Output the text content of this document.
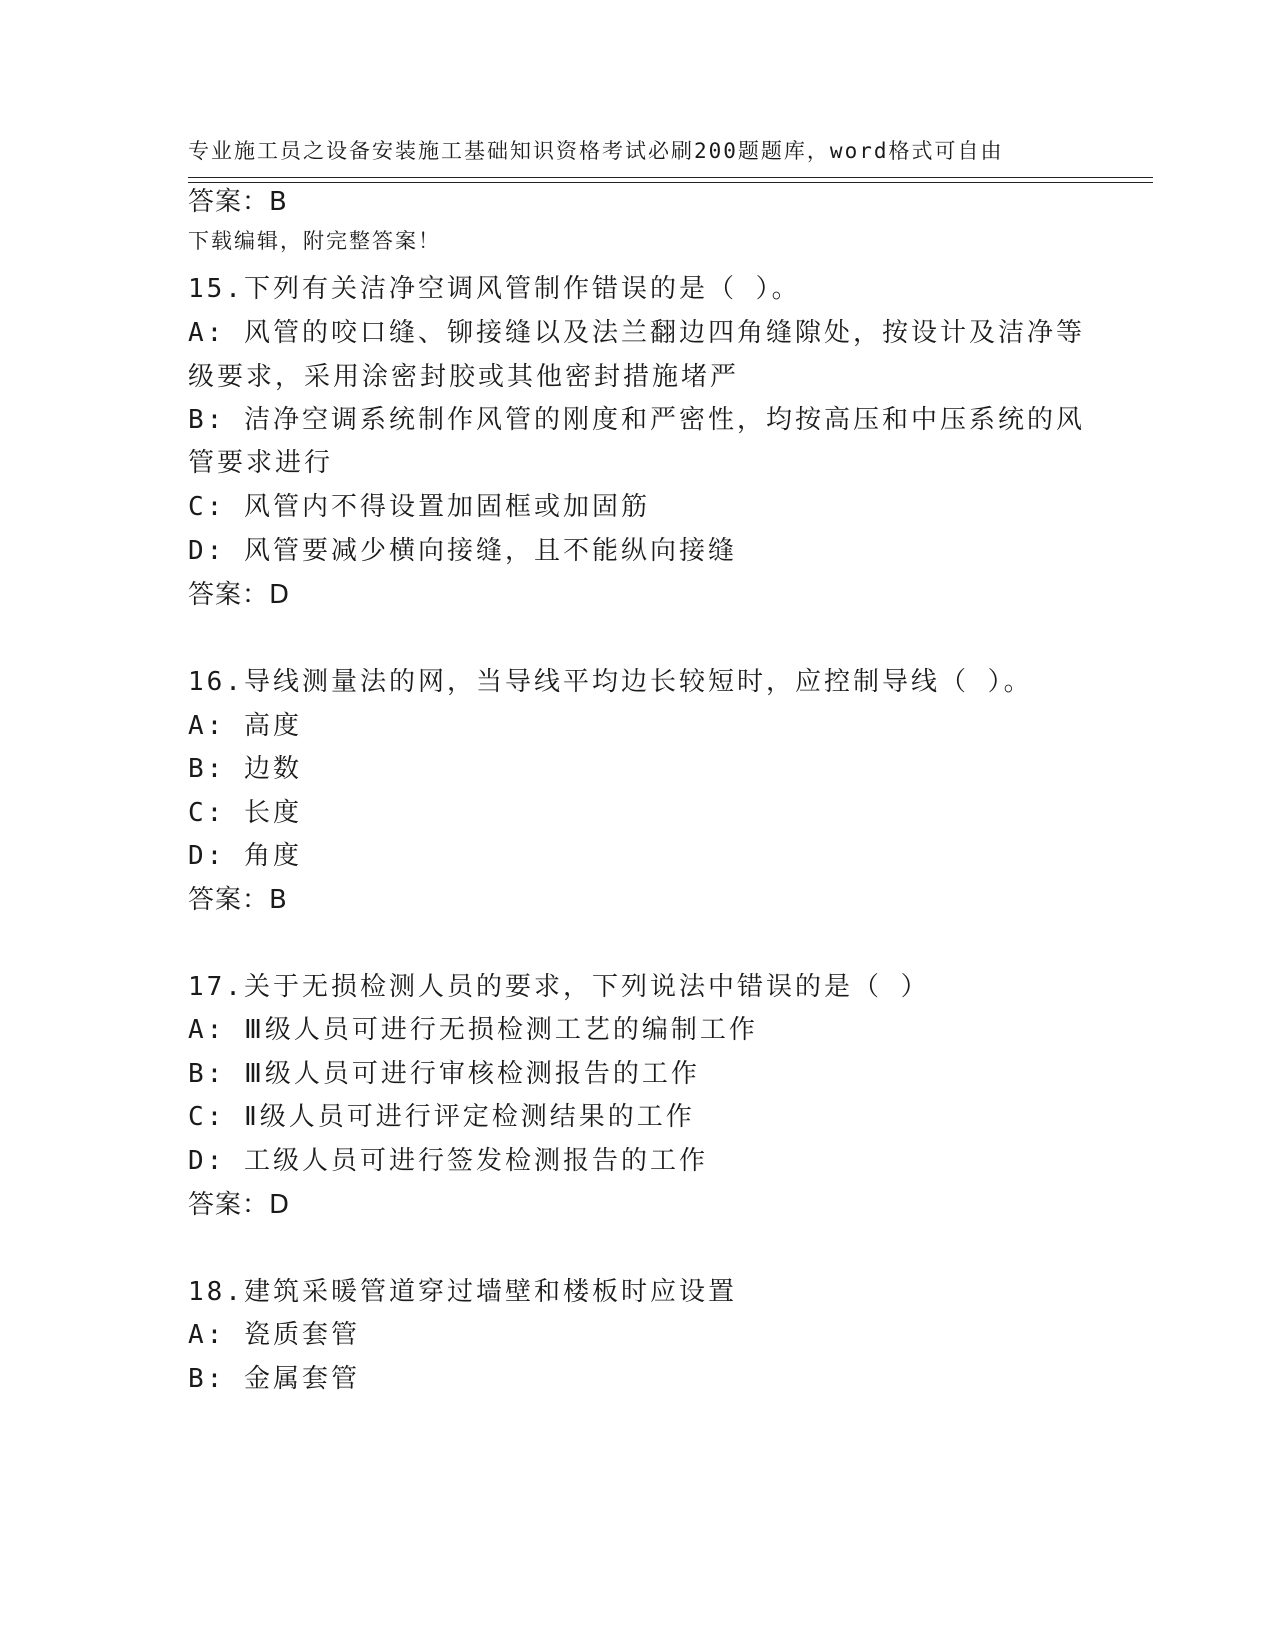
专业施工员之设备安装施工基础知识资格考试必刷200题题库，word格式可自由

下载编辑，附完整答案！

答案：B
15.下列有关洁净空调风管制作错误的是（ ）。
A: 风管的咬口缝、铆接缝以及法兰翻边四角缝隙处，按设计及洁净等
级要求，采用涂密封胶或其他密封措施堵严
B: 洁净空调系统制作风管的刚度和严密性，均按高压和中压系统的风
管要求进行
C: 风管内不得设置加固框或加固筋
D: 风管要减少横向接缝，且不能纵向接缝
答案：D
16.导线测量法的网，当导线平均边长较短时，应控制导线（ ）。
A: 高度
B: 边数
C: 长度
D: 角度
答案：B
17.关于无损检测人员的要求，下列说法中错误的是（ ）
A: Ⅲ级人员可进行无损检测工艺的编制工作
B: Ⅲ级人员可进行审核检测报告的工作
C: Ⅱ级人员可进行评定检测结果的工作
D: 工级人员可进行签发检测报告的工作
答案：D
18.建筑采暖管道穿过墙壁和楼板时应设置
A: 瓷质套管
B: 金属套管
